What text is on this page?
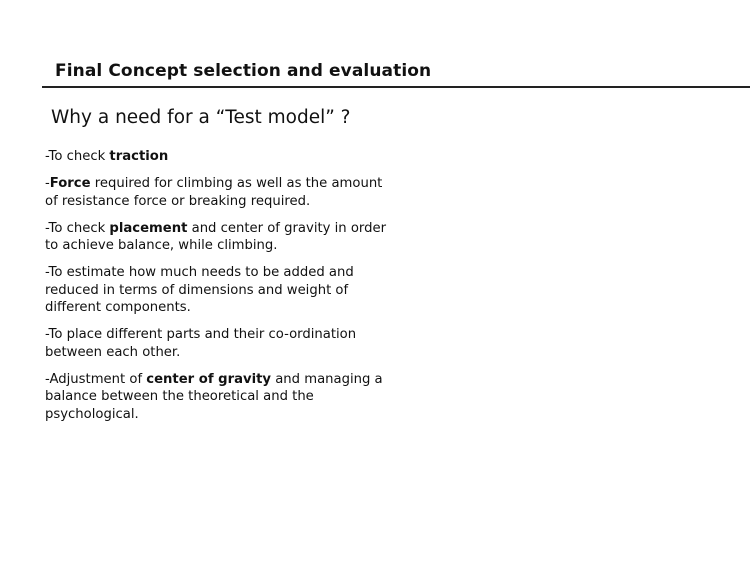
Final Concept selection and evaluation
Why a need for a “Test model” ?
-To check traction
-Force required for climbing as well as the amount
of resistance force or breaking required.
-To check placement and center of gravity in order
to achieve balance, while climbing.
-To estimate how much needs to be added and
reduced in terms of dimensions and weight of
different components.
-To place different parts and their co-ordination
between each other.
-Adjustment of center of gravity and managing a
balance between the theoretical and the
psychological.
